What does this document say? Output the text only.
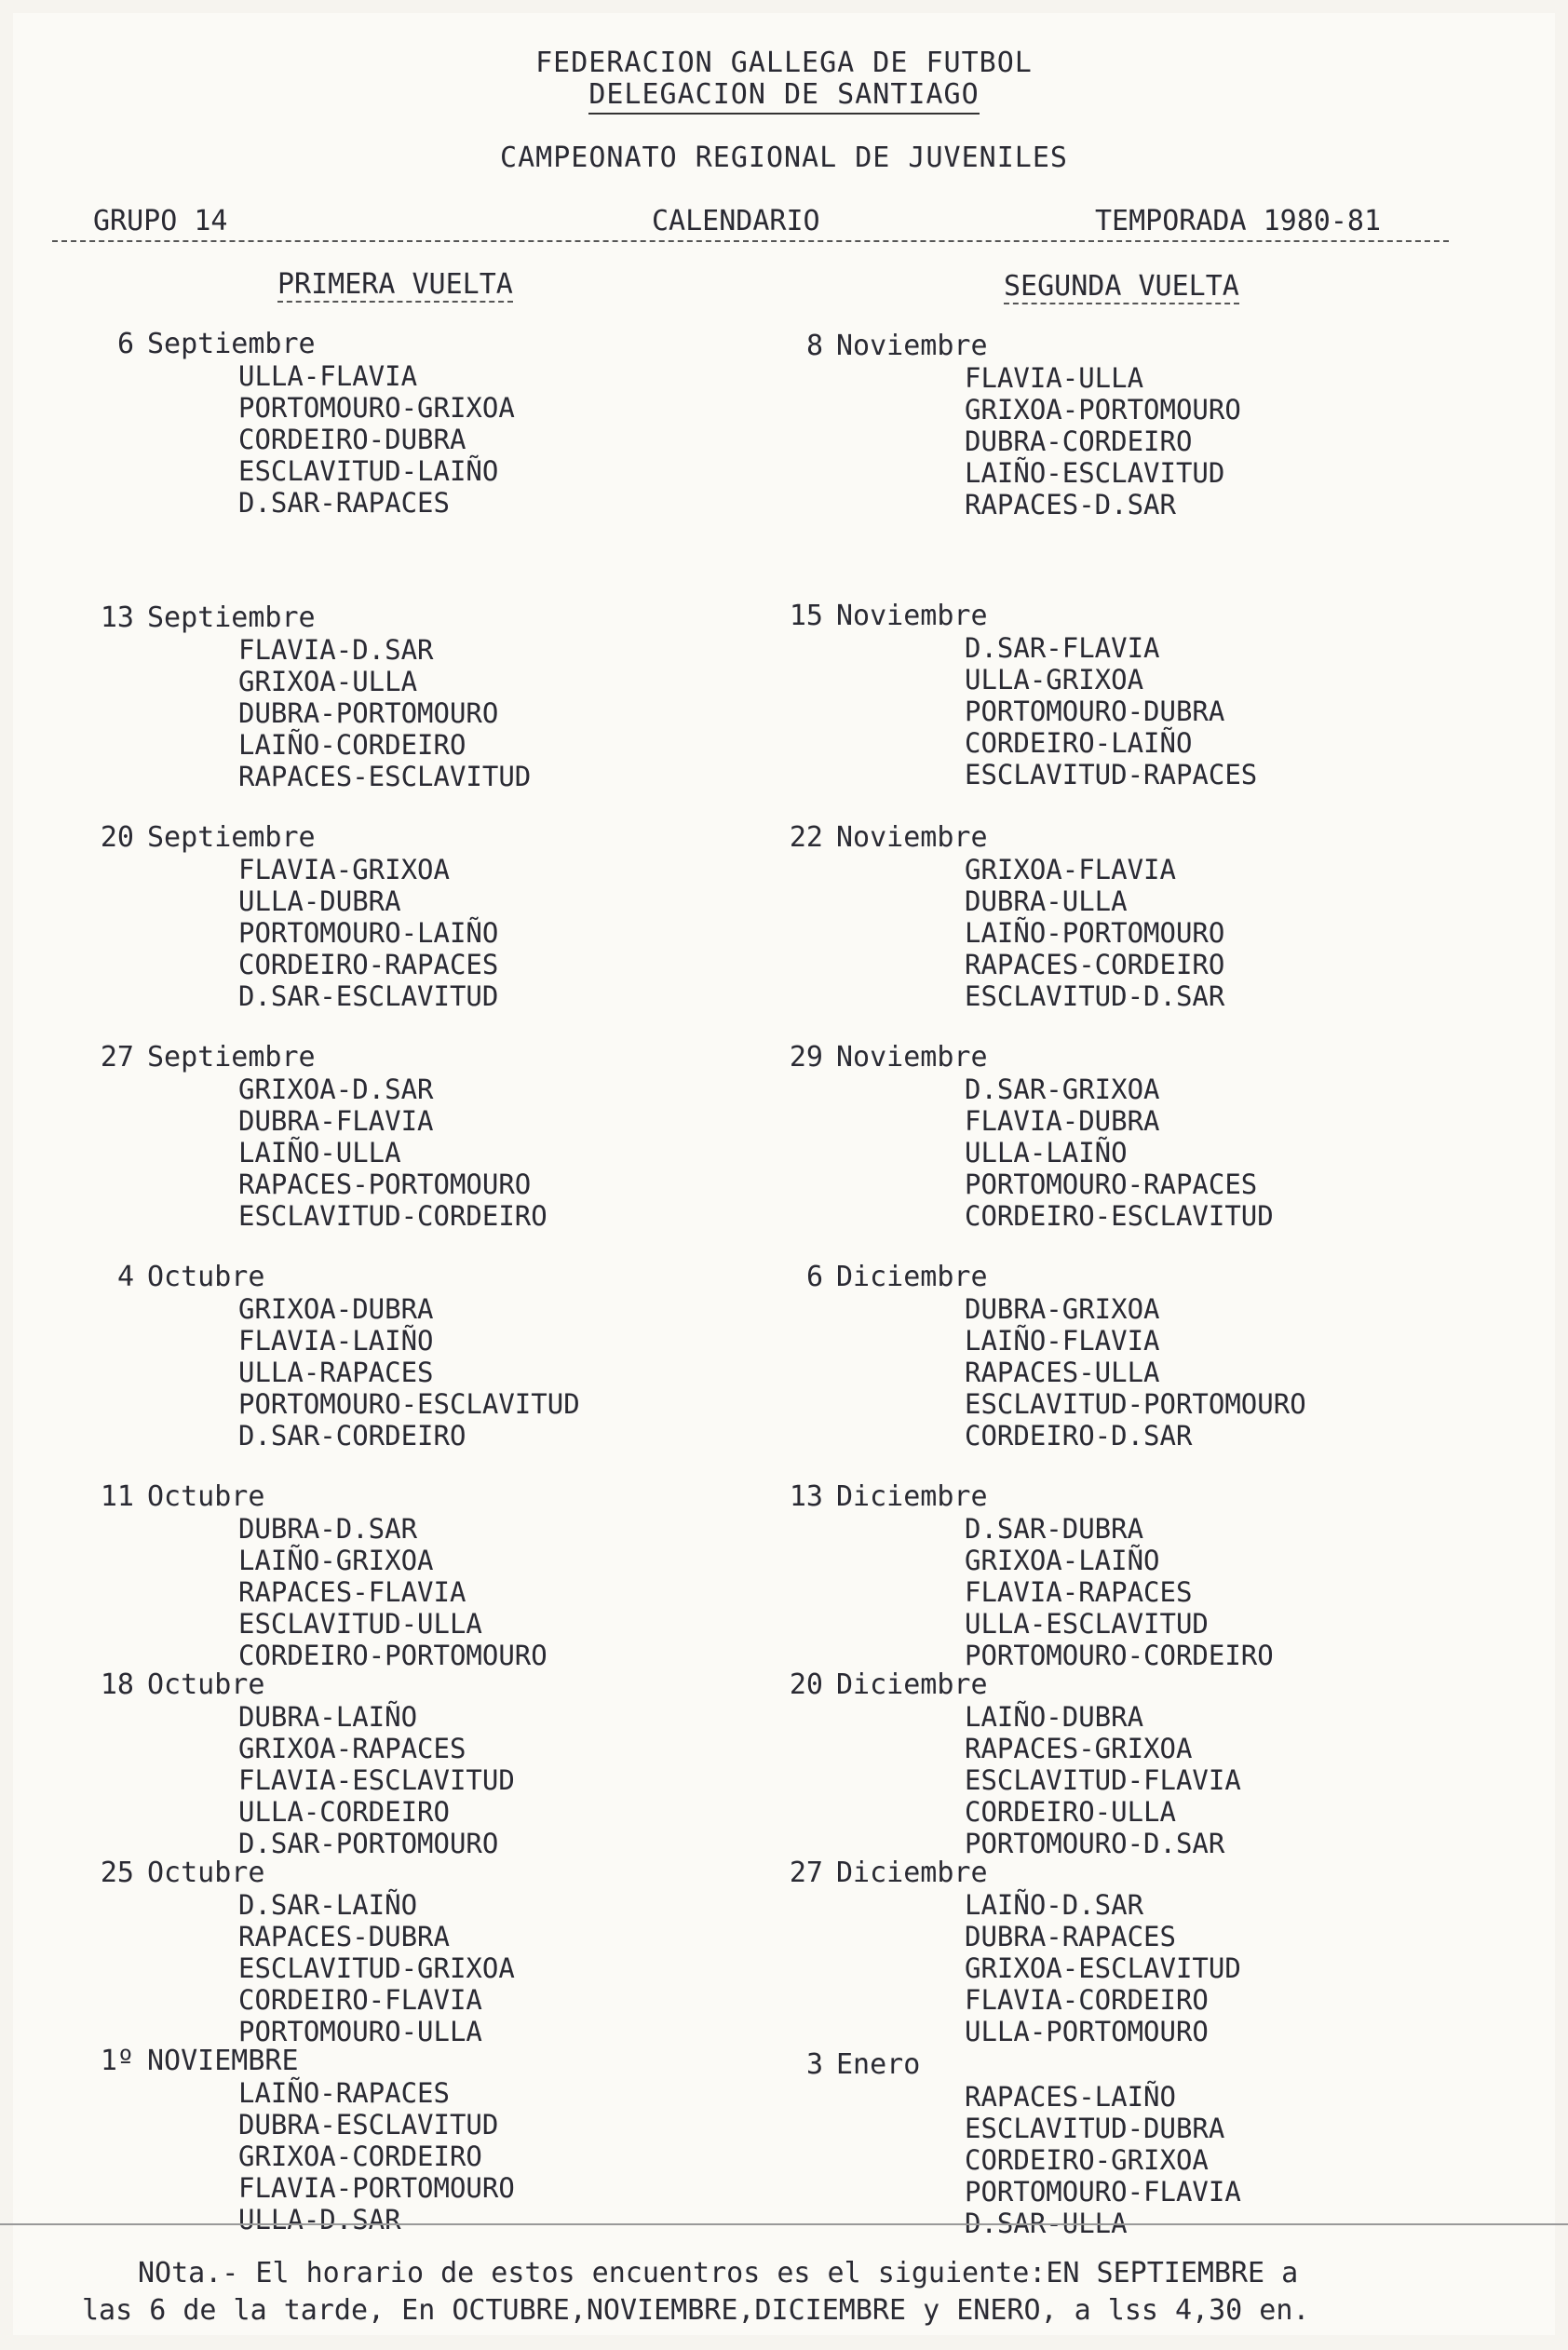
FEDERACION GALLEGA DE FUTBOL
DELEGACION DE SANTIAGO
CAMPEONATO REGIONAL DE JUVENILES
GRUPO 14	CALENDARIO	TEMPORADA 1980-81
PRIMERA VUELTA	SEGUNDA VUELTA
6 Septiembre
ULLA-FLAVIA
PORTOMOURO-GRIXOA
CORDEIRO-DUBRA
ESCLAVITUD-LAIÑO
D.SAR-RAPACES
13 Septiembre
FLAVIA-D.SAR
GRIXOA-ULLA
DUBRA-PORTOMOURO
LAIÑO-CORDEIRO
RAPACES-ESCLAVITUD
20 Septiembre
FLAVIA-GRIXOA
ULLA-DUBRA
PORTOMOURO-LAIÑO
CORDEIRO-RAPACES
D.SAR-ESCLAVITUD
27 Septiembre
GRIXOA-D.SAR
DUBRA-FLAVIA
LAIÑO-ULLA
RAPACES-PORTOMOURO
ESCLAVITUD-CORDEIRO
4 Octubre
GRIXOA-DUBRA
FLAVIA-LAIÑO
ULLA-RAPACES
PORTOMOURO-ESCLAVITUD
D.SAR-CORDEIRO
11 Octubre
DUBRA-D.SAR
LAIÑO-GRIXOA
RAPACES-FLAVIA
ESCLAVITUD-ULLA
CORDEIRO-PORTOMOURO
18 Octubre
DUBRA-LAIÑO
GRIXOA-RAPACES
FLAVIA-ESCLAVITUD
ULLA-CORDEIRO
D.SAR-PORTOMOURO
25 Octubre
D.SAR-LAIÑO
RAPACES-DUBRA
ESCLAVITUD-GRIXOA
CORDEIRO-FLAVIA
PORTOMOURO-ULLA
1º NOVIEMBRE
LAIÑO-RAPACES
DUBRA-ESCLAVITUD
GRIXOA-CORDEIRO
FLAVIA-PORTOMOURO
ULLA-D.SAR
8 Noviembre
FLAVIA-ULLA
GRIXOA-PORTOMOURO
DUBRA-CORDEIRO
LAIÑO-ESCLAVITUD
RAPACES-D.SAR
15 Noviembre
D.SAR-FLAVIA
ULLA-GRIXOA
PORTOMOURO-DUBRA
CORDEIRO-LAIÑO
ESCLAVITUD-RAPACES
22 Noviembre
GRIXOA-FLAVIA
DUBRA-ULLA
LAIÑO-PORTOMOURO
RAPACES-CORDEIRO
ESCLAVITUD-D.SAR
29 Noviembre
D.SAR-GRIXOA
FLAVIA-DUBRA
ULLA-LAIÑO
PORTOMOURO-RAPACES
CORDEIRO-ESCLAVITUD
6 Diciembre
DUBRA-GRIXOA
LAIÑO-FLAVIA
RAPACES-ULLA
ESCLAVITUD-PORTOMOURO
CORDEIRO-D.SAR
13 Diciembre
D.SAR-DUBRA
GRIXOA-LAIÑO
FLAVIA-RAPACES
ULLA-ESCLAVITUD
PORTOMOURO-CORDEIRO
20 Diciembre
LAIÑO-DUBRA
RAPACES-GRIXOA
ESCLAVITUD-FLAVIA
CORDEIRO-ULLA
PORTOMOURO-D.SAR
27 Diciembre
LAIÑO-D.SAR
DUBRA-RAPACES
GRIXOA-ESCLAVITUD
FLAVIA-CORDEIRO
ULLA-PORTOMOURO
3 Enero
RAPACES-LAIÑO
ESCLAVITUD-DUBRA
CORDEIRO-GRIXOA
PORTOMOURO-FLAVIA
D.SAR-ULLA
NOta.- El horario de estos encuentros es el siguiente:EN SEPTIEMBRE a
las 6 de la tarde, En OCTUBRE,NOVIEMBRE,DICIEMBRE y ENERO, a lss 4,30 en.
